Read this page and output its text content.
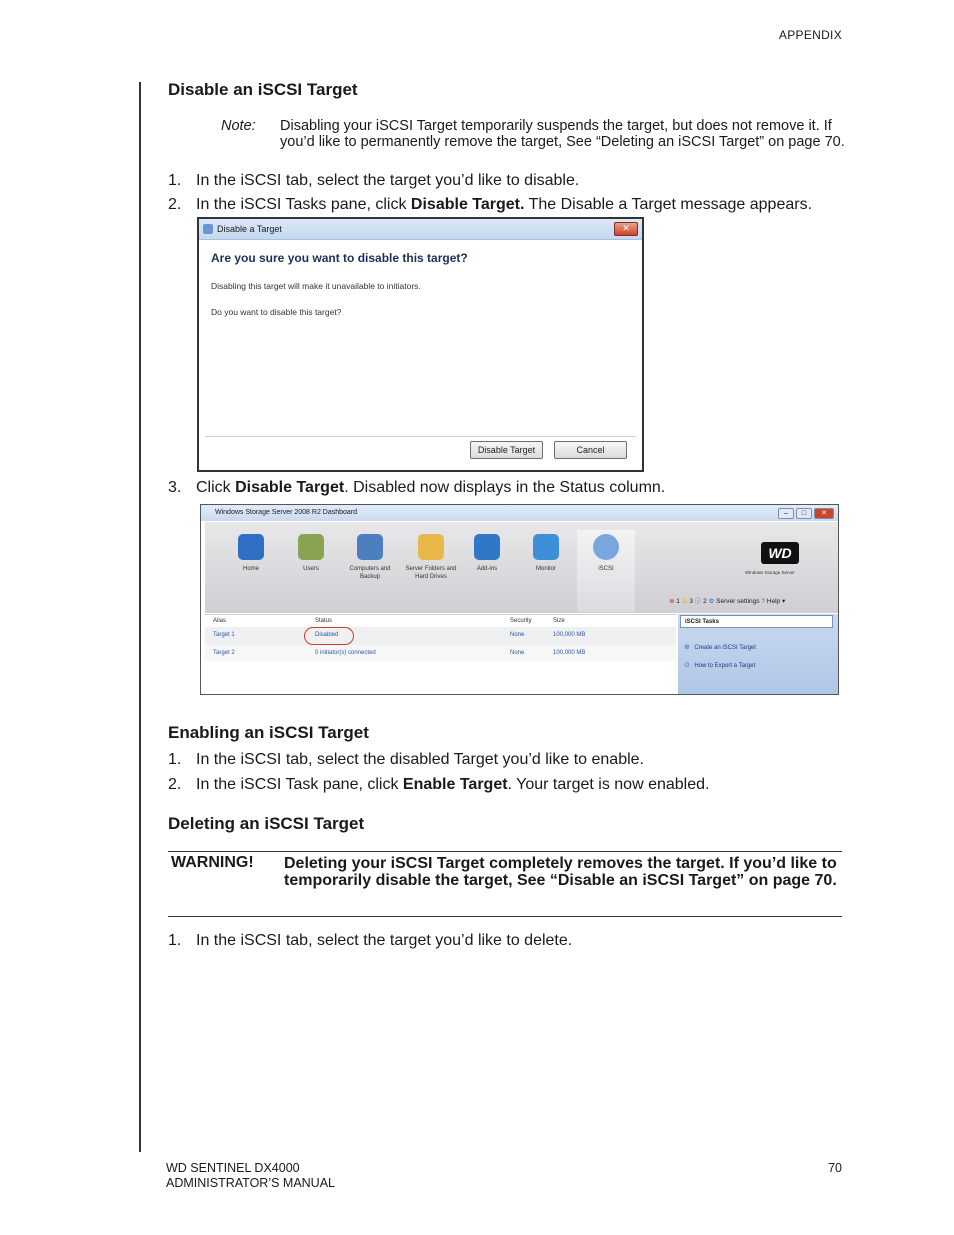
APPENDIX
Disable an iSCSI Target
Note: Disabling your iSCSI Target temporarily suspends the target, but does not remove it. If you’d like to permanently remove the target, See “Deleting an iSCSI Target” on page 70.
1. In the iSCSI tab, select the target you’d like to disable.
2. In the iSCSI Tasks pane, click Disable Target. The Disable a Target message appears.
Disable a Target	✕
Are you sure you want to disable this target?
Disabling this target will make it unavailable to initiators.
Do you want to disable this target?
Disable Target	Cancel
3. Click Disable Target. Disabled now displays in the Status column.
Windows Storage Server 2008 R2 Dashboard	–	□	✕
Home	Users	Computers and Backup
Server Folders and Hard Drives
Add-ins	Monitor	iSCSI
WD
Windows Storage Server
⊗ 1 ⚠ 3 ⓘ 2 ⚙ Server settings ? Help ▾
Alias	Status	Security	Size
Target 1	Disabled	None	100,000 MB
Target 2	0 initiator(s) connected	None	100,000 MB
iSCSI Tasks
⊕ Create an iSCSI Target
⊙ How to Export a Target
Enabling an iSCSI Target
1. In the iSCSI tab, select the disabled Target you’d like to enable.
2. In the iSCSI Task pane, click Enable Target. Your target is now enabled.
Deleting an iSCSI Target
WARNING! Deleting your iSCSI Target completely removes the target. If you’d like to temporarily disable the target, See “Disable an iSCSI Target” on page 70.
1. In the iSCSI tab, select the target you’d like to delete.
WD SENTINEL DX4000
ADMINISTRATOR’S MANUAL
70
